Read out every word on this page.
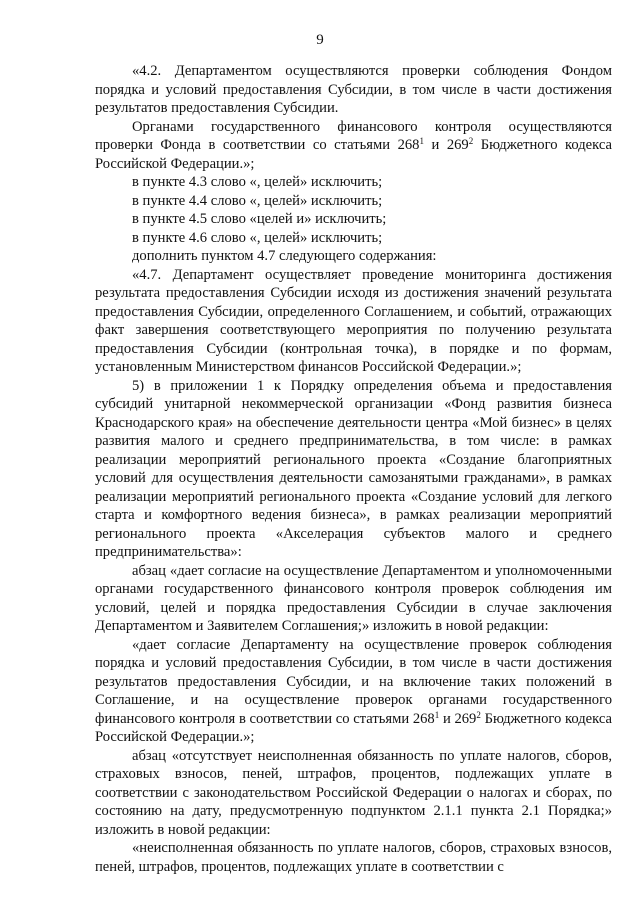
9

«4.2. Департаментом осуществляются проверки соблюдения Фондом порядка и условий предоставления Субсидии, в том числе в части достижения результатов предоставления Субсидии.

Органами государственного финансового контроля осуществляются проверки Фонда в соответствии со статьями $268^1$ и $269^2$ Бюджетного кодекса Российской Федерации.»;

в пункте 4.3 слово «, целей» исключить;

в пункте 4.4 слово «, целей» исключить;

в пункте 4.5 слово «целей и» исключить;

в пункте 4.6 слово «, целей» исключить;

дополнить пунктом 4.7 следующего содержания:

«4.7. Департамент осуществляет проведение мониторинга достижения результата предоставления Субсидии исходя из достижения значений результата предоставления Субсидии, определенного Соглашением, и событий, отражающих факт завершения соответствующего мероприятия по получению результата предоставления Субсидии (контрольная точка), в порядке и по формам, установленным Министерством финансов Российской Федерации.»;

5) в приложении 1 к Порядку определения объема и предоставления субсидий унитарной некоммерческой организации «Фонд развития бизнеса Краснодарского края» на обеспечение деятельности центра «Мой бизнес» в целях развития малого и среднего предпринимательства, в том числе: в рамках реализации мероприятий регионального проекта «Создание благоприятных условий для осуществления деятельности самозанятыми гражданами», в рамках реализации мероприятий регионального проекта «Создание условий для легкого старта и комфортного ведения бизнеса», в рамках реализации мероприятий регионального проекта «Акселерация субъектов малого и среднего предпринимательства»:

абзац «дает согласие на осуществление Департаментом и уполномоченными органами государственного финансового контроля проверок соблюдения им условий, целей и порядка предоставления Субсидии в случае заключения Департаментом и Заявителем Соглашения;» изложить в новой редакции:

«дает согласие Департаменту на осуществление проверок соблюдения порядка и условий предоставления Субсидии, в том числе в части достижения результатов предоставления Субсидии, и на включение таких положений в Соглашение, и на осуществление проверок органами государственного финансового контроля в соответствии со статьями $268^1$ и $269^2$ Бюджетного кодекса Российской Федерации.»;

абзац «отсутствует неисполненная обязанность по уплате налогов, сборов, страховых взносов, пеней, штрафов, процентов, подлежащих уплате в соответствии с законодательством Российской Федерации о налогах и сборах, по состоянию на дату, предусмотренную подпунктом 2.1.1 пункта 2.1 Порядка;» изложить в новой редакции:

«неисполненная обязанность по уплате налогов, сборов, страховых взносов, пеней, штрафов, процентов, подлежащих уплате в соответствии с
